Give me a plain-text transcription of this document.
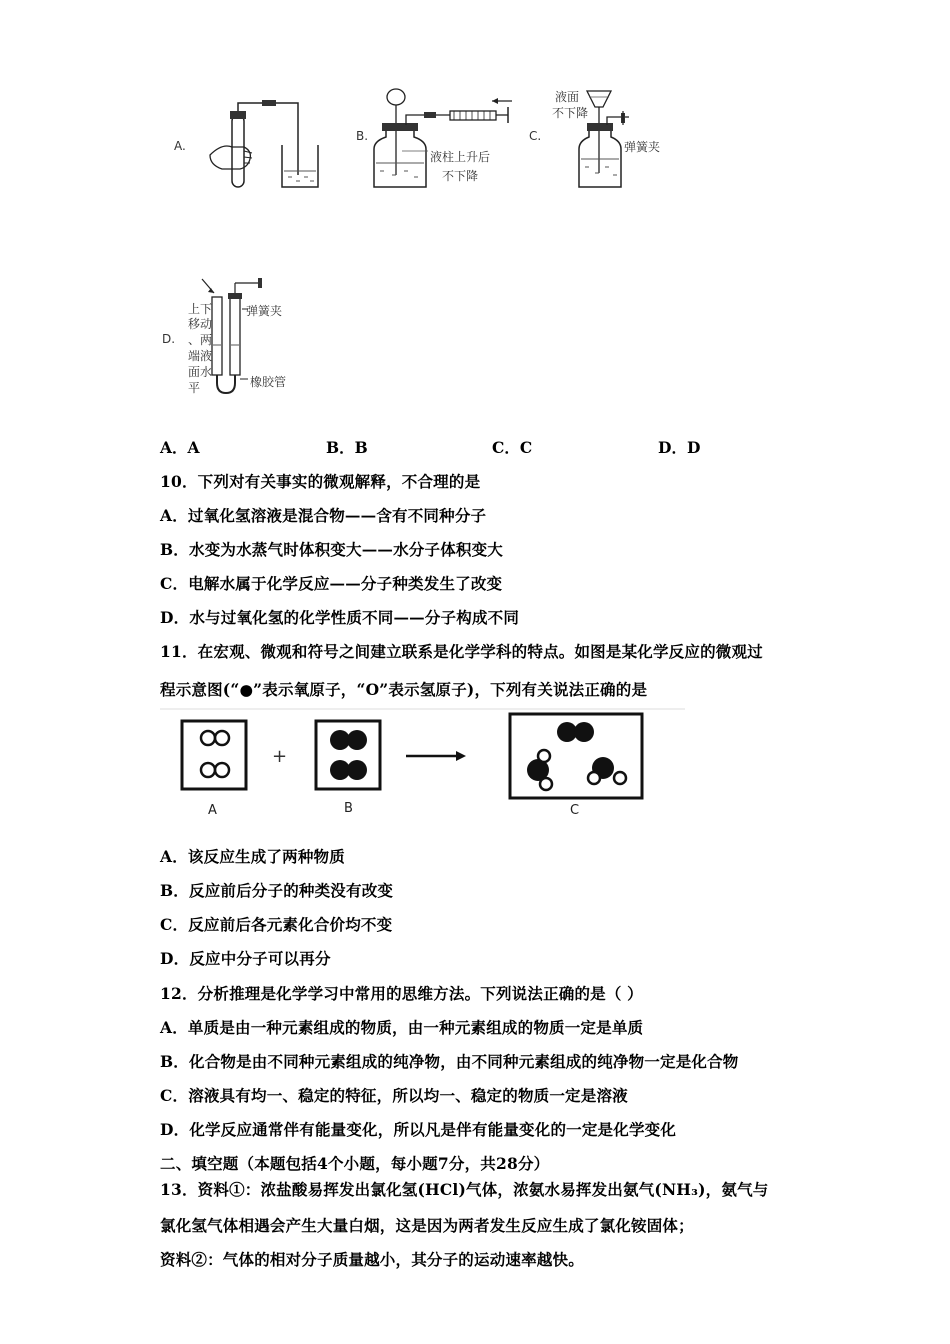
A.
B.
液柱上升后
不下降
C.
液面
不下降
弹簧夹
D.
上下
移动
、两
端液
面水
平
弹簧夹
橡胶管
A．A	B．B	C．C	D．D
10．下列对有关事实的微观解释，不合理的是
A．过氧化氢溶液是混合物——含有不同种分子
B．水变为水蒸气时体积变大——水分子体积变大
C．电解水属于化学反应——分子种类发生了改变
D．水与过氧化氢的化学性质不同——分子构成不同
11．在宏观、微观和符号之间建立联系是化学学科的特点。如图是某化学反应的微观过
程示意图(“●”表示氧原子，“O”表示氢原子)，下列有关说法正确的是
A
+
B	C
A．该反应生成了两种物质
B．反应前后分子的种类没有改变
C．反应前后各元素化合价均不变
D．反应中分子可以再分
12．分析推理是化学学习中常用的思维方法。下列说法正确的是（ ）
A．单质是由一种元素组成的物质，由一种元素组成的物质一定是单质
B．化合物是由不同种元素组成的纯净物，由不同种元素组成的纯净物一定是化合物
C．溶液具有均一、稳定的特征，所以均一、稳定的物质一定是溶液
D．化学反应通常伴有能量变化，所以凡是伴有能量变化的一定是化学变化
二、填空题（本题包括4个小题，每小题7分，共28分）
13．资料①：浓盐酸易挥发出氯化氢(HCl)气体，浓氨水易挥发出氨气(NH₃)，氨气与
氯化氢气体相遇会产生大量白烟，这是因为两者发生反应生成了氯化铵固体；
资料②：气体的相对分子质量越小，其分子的运动速率越快。
